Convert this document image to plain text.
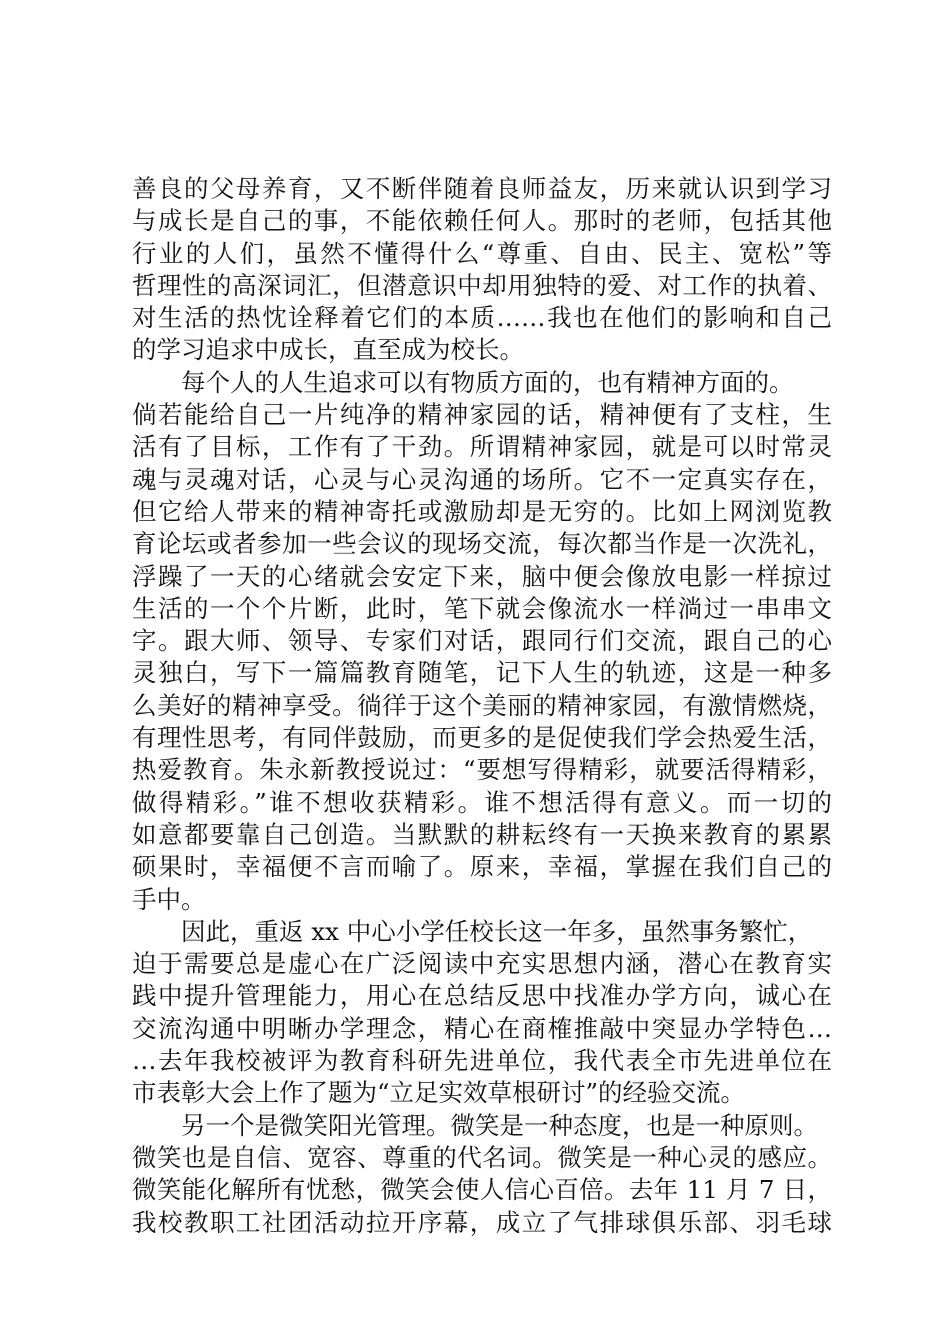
善良的父母养育，又不断伴随着良师益友，历来就认识到学习
与成长是自己的事，不能依赖任何人。那时的老师，包括其他
行业的人们，虽然不懂得什么“尊重、自由、民主、宽松”等
哲理性的高深词汇，但潜意识中却用独特的爱、对工作的执着、
对生活的热忱诠释着它们的本质……我也在他们的影响和自己
的学习追求中成长，直至成为校长。
每个人的人生追求可以有物质方面的，也有精神方面的。
倘若能给自己一片纯净的精神家园的话，精神便有了支柱，生
活有了目标，工作有了干劲。所谓精神家园，就是可以时常灵
魂与灵魂对话，心灵与心灵沟通的场所。它不一定真实存在，
但它给人带来的精神寄托或激励却是无穷的。比如上网浏览教
育论坛或者参加一些会议的现场交流，每次都当作是一次洗礼，
浮躁了一天的心绪就会安定下来，脑中便会像放电影一样掠过
生活的一个个片断，此时，笔下就会像流水一样淌过一串串文
字。跟大师、领导、专家们对话，跟同行们交流，跟自己的心
灵独白，写下一篇篇教育随笔，记下人生的轨迹，这是一种多
么美好的精神享受。徜徉于这个美丽的精神家园，有激情燃烧，
有理性思考，有同伴鼓励，而更多的是促使我们学会热爱生活，
热爱教育。朱永新教授说过：“要想写得精彩，就要活得精彩，
做得精彩。”谁不想收获精彩。谁不想活得有意义。而一切的
如意都要靠自己创造。当默默的耕耘终有一天换来教育的累累
硕果时，幸福便不言而喻了。原来，幸福，掌握在我们自己的
手中。
因此，重返 xx 中心小学任校长这一年多，虽然事务繁忙，
迫于需要总是虚心在广泛阅读中充实思想内涵，潜心在教育实
践中提升管理能力，用心在总结反思中找准办学方向，诚心在
交流沟通中明晰办学理念，精心在商榷推敲中突显办学特色…
…去年我校被评为教育科研先进单位，我代表全市先进单位在
市表彰大会上作了题为“立足实效草根研讨”的经验交流。
另一个是微笑阳光管理。微笑是一种态度，也是一种原则。
微笑也是自信、宽容、尊重的代名词。微笑是一种心灵的感应。
微笑能化解所有忧愁，微笑会使人信心百倍。去年 11 月 7 日，
我校教职工社团活动拉开序幕，成立了气排球俱乐部、羽毛球
